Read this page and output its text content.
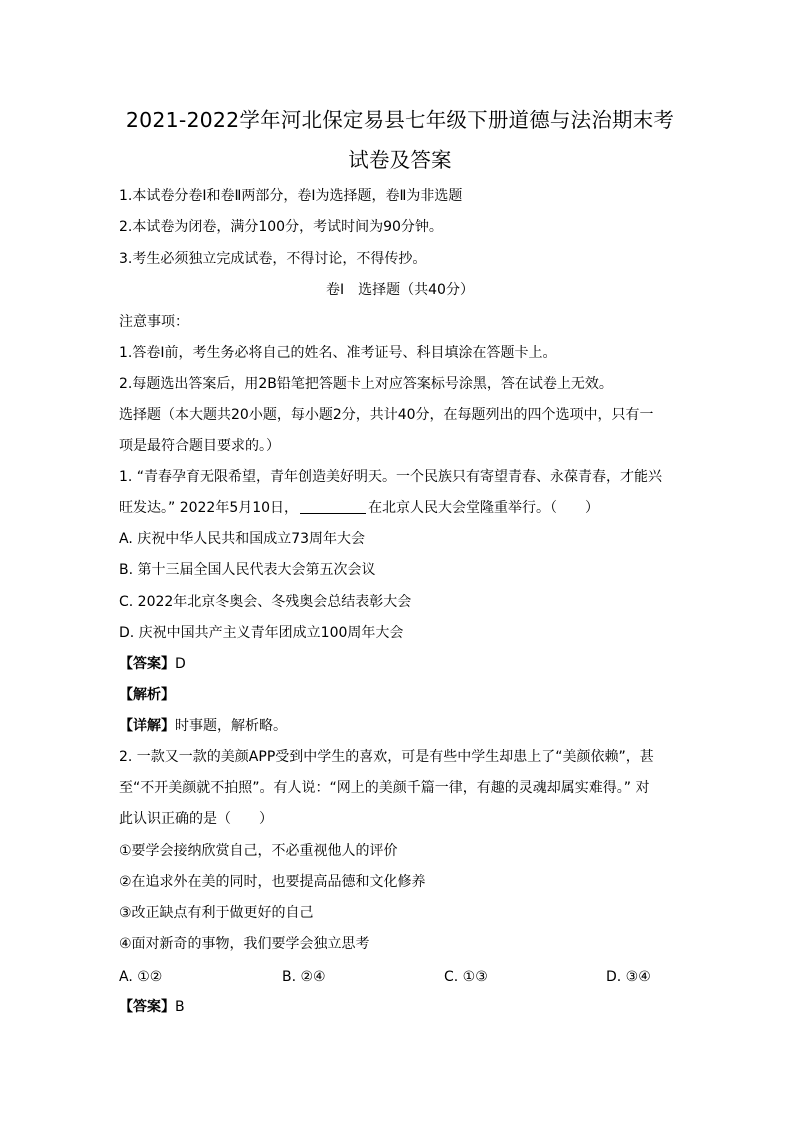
2021-2022学年河北保定易县七年级下册道德与法治期末考
试卷及答案
1.本试卷分卷Ⅰ和卷Ⅱ两部分，卷Ⅰ为选择题，卷Ⅱ为非选题
2.本试卷为闭卷，满分100分，考试时间为90分钟。
3.考生必须独立完成试卷，不得讨论，不得传抄。
卷Ⅰ　选择题（共40分）
注意事项：
1.答卷Ⅰ前，考生务必将自己的姓名、准考证号、科目填涂在答题卡上。
2.每题选出答案后，用2B铅笔把答题卡上对应答案标号涂黑，答在试卷上无效。
选择题（本大题共20小题，每小题2分，共计40分，在每题列出的四个选项中，只有一
项是最符合题目要求的。）
1. “青春孕育无限希望，青年创造美好明天。一个民族只有寄望青春、永葆青春，才能兴
旺发达。” 2022年5月10日，	在北京人民大会堂隆重举行。（　　）
A. 庆祝中华人民共和国成立73周年大会
B. 第十三届全国人民代表大会第五次会议
C. 2022年北京冬奥会、冬残奥会总结表彰大会
D. 庆祝中国共产主义青年团成立100周年大会
【答案】D
【解析】
【详解】时事题，解析略。
2. 一款又一款的美颜APP受到中学生的喜欢，可是有些中学生却患上了“美颜依赖”，甚
至“不开美颜就不拍照”。有人说：“网上的美颜千篇一律，有趣的灵魂却属实难得。” 对
此认识正确的是（　　）
①要学会接纳欣赏自己，不必重视他人的评价
②在追求外在美的同时，也要提高品德和文化修养
③改正缺点有利于做更好的自己
④面对新奇的事物，我们要学会独立思考
A. ①②	B. ②④	C. ①③	D. ③④
【答案】B
